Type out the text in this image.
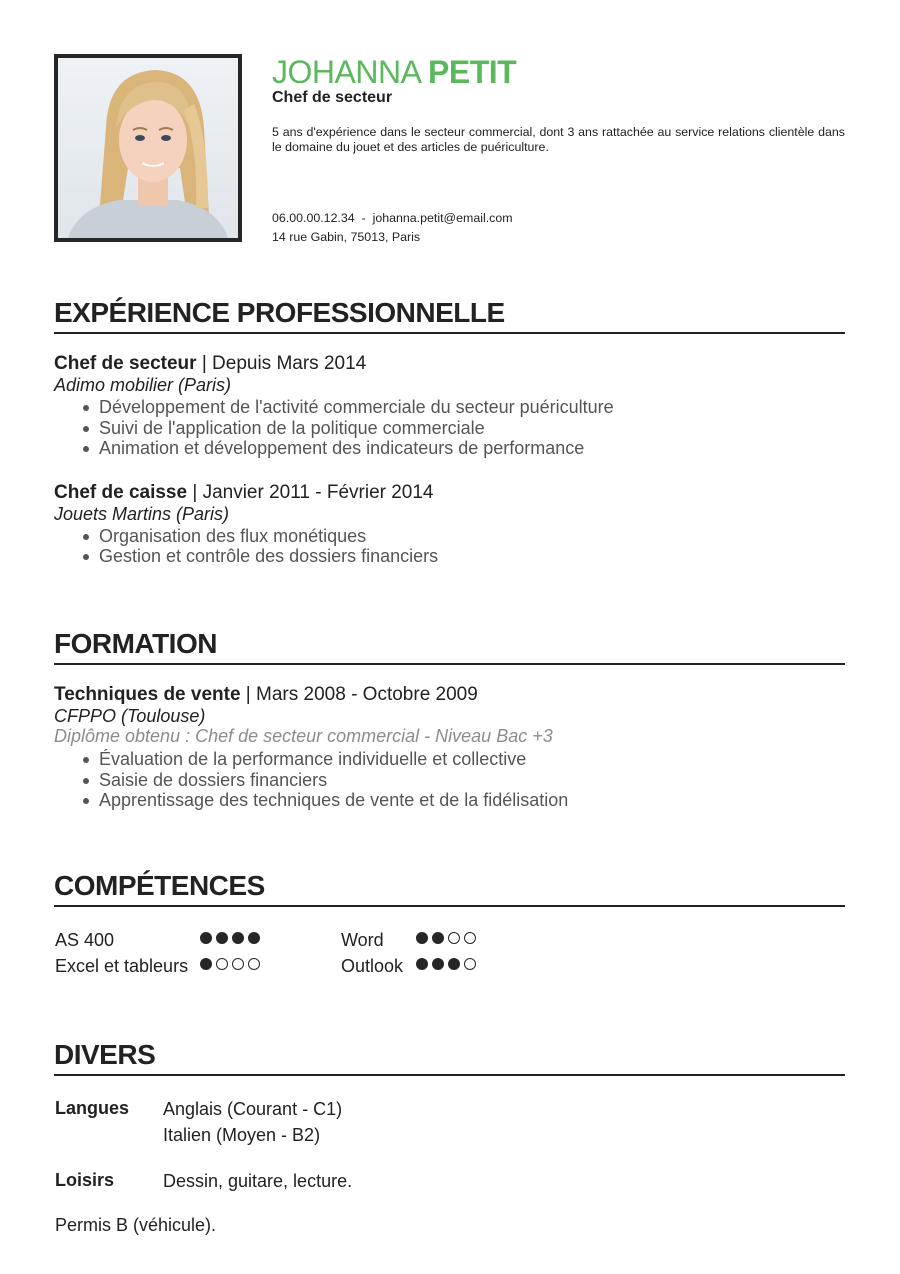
JOHANNA PETIT
Chef de secteur
5 ans d'expérience dans le secteur commercial, dont 3 ans rattachée au service relations clientèle dans le domaine du jouet et des articles de puériculture.
06.00.00.12.34  -  johanna.petit@email.com
14 rue Gabin, 75013, Paris
EXPÉRIENCE PROFESSIONNELLE
Chef de secteur | Depuis Mars 2014
Adimo mobilier (Paris)
Développement de l'activité commerciale du secteur puériculture
Suivi de l'application de la politique commerciale
Animation et développement des indicateurs de performance
Chef de caisse | Janvier 2011 - Février 2014
Jouets Martins (Paris)
Organisation des flux monétiques
Gestion et contrôle des dossiers financiers
FORMATION
Techniques de vente | Mars 2008 - Octobre 2009
CFPPO (Toulouse)
Diplôme obtenu : Chef de secteur commercial - Niveau Bac +3
Évaluation de la performance individuelle et collective
Saisie de dossiers financiers
Apprentissage des techniques de vente et de la fidélisation
COMPÉTENCES
AS 400	Word
Excel et tableurs	Outlook
DIVERS
Langues Anglais (Courant - C1)
Italien (Moyen - B2)
Loisirs	Dessin, guitare, lecture.
Permis B (véhicule).
